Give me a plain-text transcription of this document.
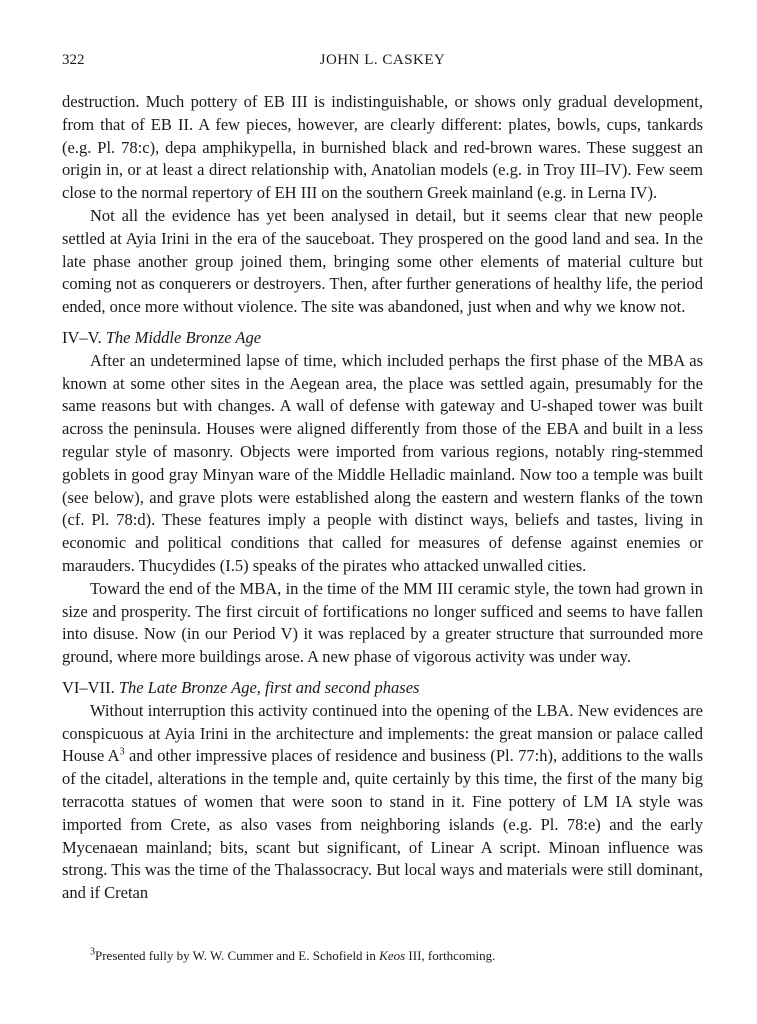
322	JOHN L. CASKEY

destruction. Much pottery of EB III is indistinguishable, or shows only gradual development, from that of EB II. A few pieces, however, are clearly different: plates, bowls, cups, tankards (e.g. Pl. 78:c), depa amphikypella, in burnished black and red-brown wares. These suggest an origin in, or at least a direct relationship with, Anatolian models (e.g. in Troy III–IV). Few seem close to the normal repertory of EH III on the southern Greek mainland (e.g. in Lerna IV).

Not all the evidence has yet been analysed in detail, but it seems clear that new people settled at Ayia Irini in the era of the sauceboat. They prospered on the good land and sea. In the late phase another group joined them, bringing some other elements of material culture but coming not as conquerers or destroyers. Then, after further generations of healthy life, the period ended, once more without violence. The site was abandoned, just when and why we know not.

IV–V. The Middle Bronze Age

After an undetermined lapse of time, which included perhaps the first phase of the MBA as known at some other sites in the Aegean area, the place was settled again, presumably for the same reasons but with changes. A wall of defense with gateway and U-shaped tower was built across the peninsula. Houses were aligned differently from those of the EBA and built in a less regular style of masonry. Objects were imported from various regions, notably ring-stemmed goblets in good gray Minyan ware of the Middle Helladic mainland. Now too a temple was built (see below), and grave plots were established along the eastern and western flanks of the town (cf. Pl. 78:d). These features imply a people with distinct ways, beliefs and tastes, living in economic and political conditions that called for measures of defense against enemies or marauders. Thucydides (I.5) speaks of the pirates who attacked unwalled cities.

Toward the end of the MBA, in the time of the MM III ceramic style, the town had grown in size and prosperity. The first circuit of fortifications no longer sufficed and seems to have fallen into disuse. Now (in our Period V) it was replaced by a greater structure that surrounded more ground, where more buildings arose. A new phase of vigorous activity was under way.

VI–VII. The Late Bronze Age, first and second phases

Without interruption this activity continued into the opening of the LBA. New evidences are conspicuous at Ayia Irini in the architecture and implements: the great mansion or palace called House $A^3$ and other impressive places of residence and business (Pl. 77:h), additions to the walls of the citadel, alterations in the temple and, quite certainly by this time, the first of the many big terracotta statues of women that were soon to stand in it. Fine pottery of LM IA style was imported from Crete, as also vases from neighboring islands (e.g. Pl. 78:e) and the early Mycenaean mainland; bits, scant but significant, of Linear A script. Minoan influence was strong. This was the time of the Thalassocracy. But local ways and materials were still dominant, and if Cretan

$^3$Presented fully by W. W. Cummer and E. Schofield in Keos III, forthcoming.
